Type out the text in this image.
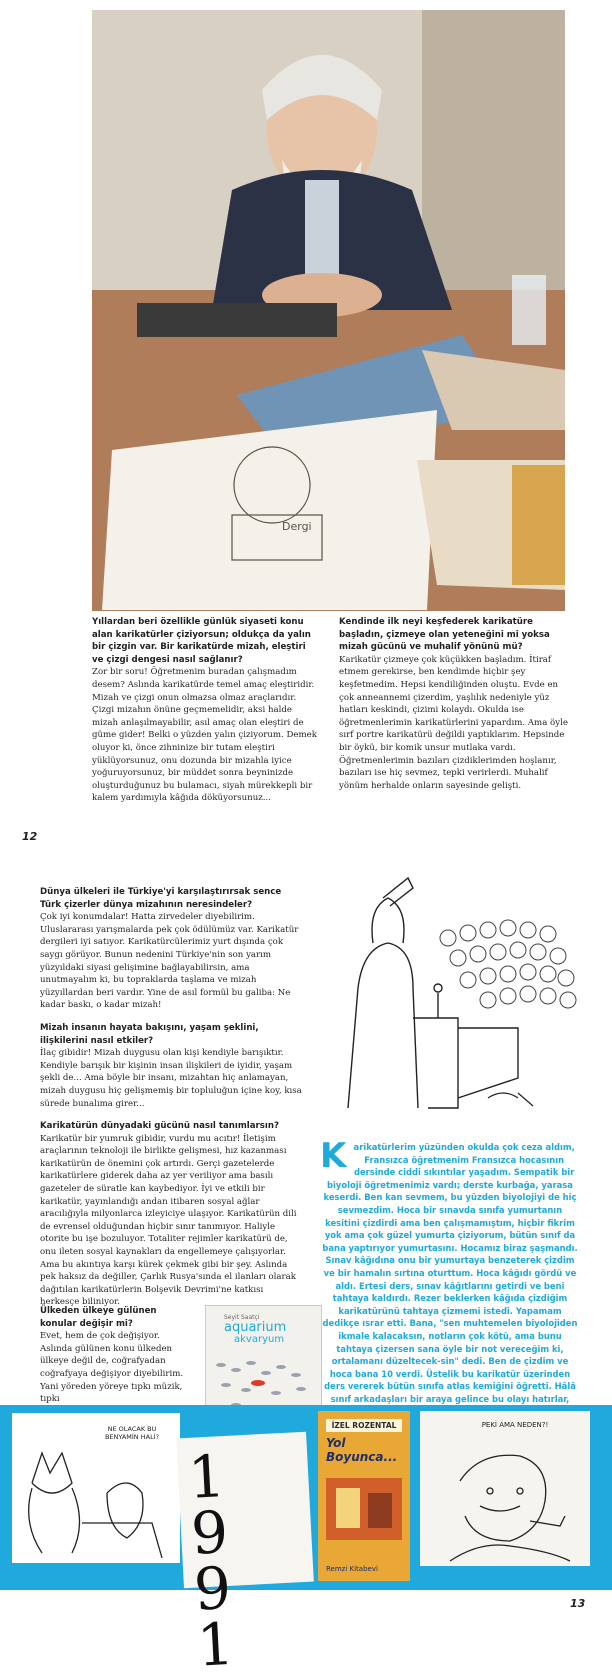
Dergi

Yıllardan beri özellikle günlük siyaseti konu alan karikatürler çiziyorsun; oldukça da yalın bir çizgin var. Bir karikatürde mizah, eleştiri ve çizgi dengesi nasıl sağlanır?

Zor bir soru! Öğretmenim buradan çalışmadım desem? Aslında karikatürde temel amaç eleştiridir. Mizah ve çizgi onun olmazsa olmaz araçlarıdır. Çizgi mizahın önüne geçmemelidir, aksi halde mizah anlaşılmayabilir, asıl amaç olan eleştiri de güme gider! Belki o yüzden yalın çiziyorum. Demek oluyor ki, önce zihninize bir tutam eleştiri yüklüyorsunuz, onu dozunda bir mizahla iyice yoğuruyorsunuz, bir müddet sonra beyninizde oluşturduğunuz bu bulamacı, siyah mürekkepli bir kalem yardımıyla kâğıda döküyorsunuz...

Kendinde ilk neyi keşfederek karikatüre başladın, çizmeye olan yeteneğini mi yoksa mizah gücünü ve muhalif yönünü mü?

Karikatür çizmeye çok küçükken başladım. İtiraf etmem gerekirse, ben kendimde hiçbir şey keşfetmedim. Hepsi kendiliğinden oluştu. Evde en çok anneannemi çizerdim, yaşlılık nedeniyle yüz hatları keskindi, çizimi kolaydı. Okulda ise öğretmenlerimin karikatürlerini yapardım. Ama öyle sırf portre karikatürü değildi yaptıklarım. Hepsinde bir öykü, bir komik unsur mutlaka vardı. Öğretmenlerimin bazıları çizdiklerimden hoşlanır, bazıları ise hiç sevmez, tepki verirlerdi. Muhalif yönüm herhalde onların sayesinde gelişti.

12

Dünya ülkeleri ile Türkiye'yi karşılaştırırsak sence Türk çizerler dünya mizahının neresindeler?

Çok iyi konumdalar! Hatta zirvedeler diyebilirim. Uluslararası yarışmalarda pek çok ödülümüz var. Karikatür dergileri iyi satıyor. Karikatürcülerimiz yurt dışında çok saygı görüyor. Bunun nedenini Türkiye'nin son yarım yüzyıldaki siyasi gelişimine bağlayabilirsin, ama unutmayalım ki, bu topraklarda taşlama ve mizah yüzyıllardan beri vardır. Yine de asıl formül bu galiba: Ne kadar baskı, o kadar mizah!

Mizah insanın hayata bakışını, yaşam şeklini, ilişkilerini nasıl etkiler?

İlaç gibidir! Mizah duygusu olan kişi kendiyle barışıktır. Kendiyle barışık bir kişinin insan ilişkileri de iyidir, yaşam şekli de... Ama böyle bir insanı, mizahtan hiç anlamayan, mizah duygusu hiç gelişmemiş bir topluluğun içine koy, kısa sürede bunalıma girer...

Karikatürün dünyadaki gücünü nasıl tanımlarsın?

Karikatür bir yumruk gibidir, vurdu mu acıtır! İletişim araçlarının teknoloji ile birlikte gelişmesi, hız kazanması karikatürün de önemini çok artırdı. Gerçi gazetelerde karikatürlere giderek daha az yer veriliyor ama basılı gazeteler de süratle kan kaybediyor. İyi ve etkili bir karikatür, yayınlandığı andan itibaren sosyal ağlar aracılığıyla milyonlarca izleyiciye ulaşıyor. Karikatürün dili de evrensel olduğundan hiçbir sınır tanımıyor. Haliyle otorite bu işe bozuluyor. Totaliter rejimler karikatürü de, onu ileten sosyal kaynakları da engellemeye çalışıyorlar. Ama bu akıntıya karşı kürek çekmek gibi bir şey. Aslında pek haksız da değiller, Çarlık Rusya'sında el ilanları olarak dağıtılan karikatürlerin Bolşevik Devrimi'ne katkısı herkesçe biliniyor.

Ülkeden ülkeye gülünen konular değişir mi?

Evet, hem de çok değişiyor. Aslında gülünen konu ülkeden ülkeye değil de, coğrafyadan coğrafyaya değişiyor diyebilirim. Yani yöreden yöreye tıpkı müzik, tıpkı

K arikatürlerim yüzünden okulda çok ceza aldım, Fransızca öğretmenim Fransızca hocasının dersinde ciddi sıkıntılar yaşadım. Sempatik bir biyoloji öğretmenimiz vardı; derste kurbağa, yarasa keserdi. Ben kan sevmem, bu yüzden biyolojiyi de hiç sevmezdim. Hoca bir sınavda sınıfa yumurtanın kesitini çizdirdi ama ben çalışmamıştım, hiçbir fikrim yok ama çok güzel yumurta çiziyorum, bütün sınıf da bana yaptırıyor yumurtasını. Hocamız biraz şaşmandı. Sınav kâğıdına onu bir yumurtaya benzeterek çizdim ve bir hamalın sırtına oturttum. Hoca kâğıdı gördü ve aldı. Ertesi ders, sınav kâğıtlarını getirdi ve beni tahtaya kaldırdı. Rezer beklerken kâğıda çizdiğim karikatürünü tahtaya çizmemi istedi. Yapamam dedikçe ısrar etti. Bana, "sen muhtemelen biyolojiden ikmale kalacaksın, notların çok kötü, ama bunu tahtaya çizersen sana öyle bir not vereceğim ki, ortalamanı düzeltecek-sin" dedi. Ben de çizdim ve hoca bana 10 verdi. Üstelik bu karikatür üzerinden ders vererek bütün sınıfa atlas kemiğini öğretti. Hâlâ sınıf arkadaşları bir araya gelince bu olayı hatırlar,
Seyit Saatçi
aquarium
akvaryum
NE OLACAK BU BENYAMİN HALİ?
1991
İZEL ROZENTAL
Yol Boyunca...
Remzi Kitabevi
PEKİ AMA NEDEN?!
13
